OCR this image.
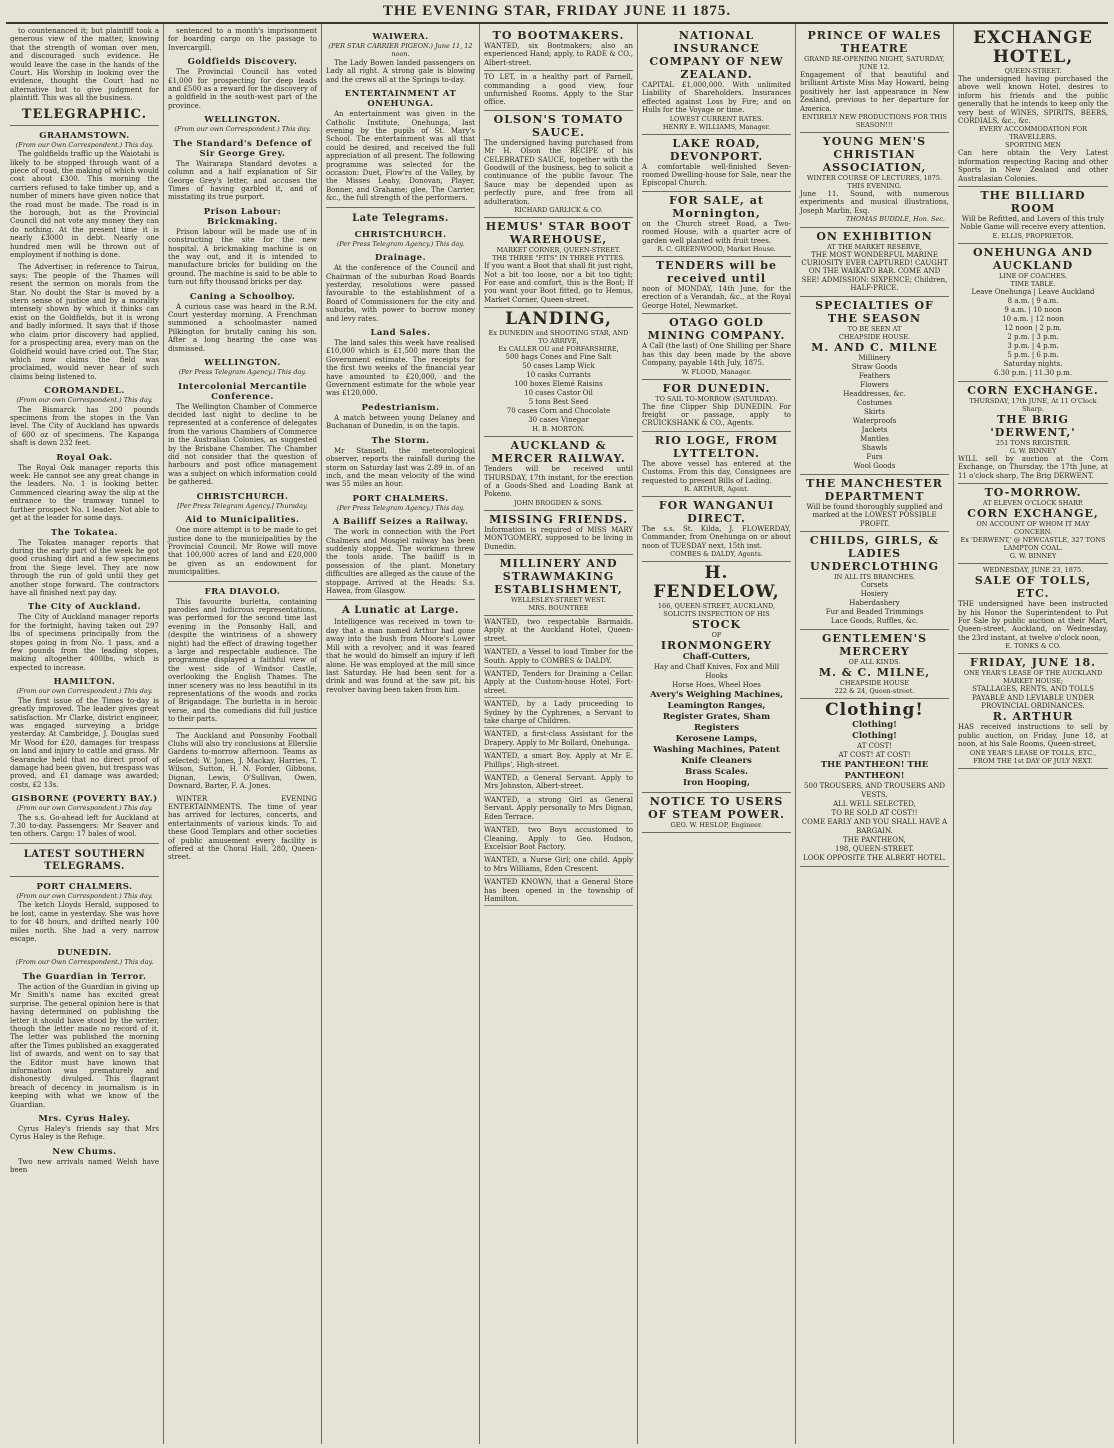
THE EVENING STAR, FRIDAY JUNE 11 1875.

to countenanced it; but plaintiff took a generous view of the matter, knowing that the strength of woman over men, and discouraged such evidence. He would leave the case in the hands of the Court. His Worship in looking over the evidence, thought the Court had no alternative but to give judgment for plaintiff. This was all the business.

TELEGRAPHIC.
GRAHAMSTOWN.
(From our Own Correspondent.) This day.

The goldfields traffic up the Waiotahi is likely to be stopped through want of a piece of road, the making of which would cost about £300. This morning the carriers refused to take timber up, and a number of miners have given notice that the road must be made. The road is in the borough, but as the Provincial Council did not vote any money they can do nothing. At the present time it is nearly £3000 in debt. Nearly one hundred men will be thrown out of employment if nothing is done.

The Advertiser, in reference to Tairua, says: The people of the Thames will resent the sermon on morals from the Star. No doubt the Star is moved by a stern sense of justice and by a morality intensely shown by which it thinks can exist on the Goldfields, but it is wrong and badly informed. It says that if those who claim prior discovery had applied, for a prospecting area, every man on the Goldfield would have cried out. The Star, which now claims the field was proclaimed, would never hear of such claims being listened to.

COROMANDEL.
(From our own Correspondent.) This day.

The Bismarck has 200 pounds specimens from the stopes in the Van level. The City of Auckland has upwards of 600 oz of specimens. The Kapanga shaft is down 232 feet.

Royal Oak.

The Royal Oak manager reports this week: He cannot see any great change in the leaders. No. 1 is looking better. Commenced clearing away the slip at the entrance to the tramway tunnel to further prospect No. 1 leader. Not able to get at the leader for some days.

The Tokatea.

The Tokatea manager reports that during the early part of the week he got good crushing dirt and a few specimens from the Siege level. They are now through the run of gold until they get another stope forward. The contractors have all finished next pay day.

The City of Auckland.

The City of Auckland manager reports for the fortnight, having taken out 297 lbs of specimens principally from the stopes going in from No. 1 pass, and a few pounds from the leading stopes, making altogether 400lbs, which is expected to increase.

HAMILTON.
(From our own Correspondent.) This day.

The first issue of the Times to-day is greatly improved. The leader gives great satisfaction. Mr Clarke, district engineer, was engaged surveying a bridge yesterday. At Cambridge, J. Douglas sued Mr Wood for £20, damages for trespass on land and injury to cattle and grass. Mr Searancke held that no direct proof of damage had been given, but trespass was proved, and £1 damage was awarded; costs, £2 13s.

GISBORNE (POVERTY BAY.)
(From our own Correspondent.) This day.

The s.s. Go-ahead left for Auckland at 7.30 to-day. Passengers: Mr Seaver and ten others. Cargo: 17 bales of wool.

LATEST SOUTHERN TELEGRAMS.
PORT CHALMERS.
(From our own Correspondent.) This day.

The ketch Lloyds Herald, supposed to be lost, came in yesterday. She was hove to for 48 hours, and drifted nearly 100 miles north. She had a very narrow escape.

DUNEDIN.
(From our Own Correspondent.) This day.
The Guardian in Terror.

The action of the Guardian in giving up Mr Smith's name has excited great surprise. The general opinion here is that having determined on publishing the letter it should have stood by the writer, though the letter made no record of it. The letter was published the morning after the Times published an exaggerated list of awards, and went on to say that the Editor must have known that information was prematurely and dishonestly divulged. This flagrant breach of decency in journalism is in keeping with what we know of the Guardian.

Mrs. Cyrus Haley.

Cyrus Haley's friends say that Mrs Cyrus Haley is the Refuge.

New Chums.

Two new arrivals named Welsh have been

sentenced to a month's imprisonment for boarding cargo on the passage to Invercargill.

Goldfields Discovery.

The Provincial Council has voted £1,000 for prospecting for deep leads and £500 as a reward for the discovery of a goldfield in the south-west part of the province.

WELLINGTON.
(From our own Correspondent.) This day.
The Standard's Defence of Sir George Grey.

The Wairarapa Standard devotes a column and a half explanation of Sir George Grey's letter, and accuses the Times of having garbled it, and of misstating its true purport.

Prison Labour: Brickmaking.

Prison labour will be made use of in constructing the site for the new hospital. A brickmaking machine is on the way out, and it is intended to manufacture bricks for building on the ground. The machine is said to be able to turn out fifty thousand bricks per day.

Caning a Schoolboy.

A curious case was heard in the R.M. Court yesterday morning. A Frenchman summoned a schoolmaster named Pilkington for brutally caning his son. After a long hearing the case was dismissed.

WELLINGTON.
(Per Press Telegram Agency.) This day.
Intercolonial Mercantile Conference.

The Wellington Chamber of Commerce decided last night to decline to be represented at a conference of delegates from the various Chambers of Commerce in the Australian Colonies, as suggested by the Brisbane Chamber. The Chamber did not consider that the question of harbours and post office management was a subject on which information could be gathered.

CHRISTCHURCH.
[Per Press Telegram Agency.] Thursday.
Aid to Municipalities.

One more attempt is to be made to get justice done to the municipalities by the Provincial Council. Mr Rowe will move that 100,000 acres of land and £20,000 be given as an endowment for municipalities.

FRA DIAVOLO.

This favourite burletta, containing parodies and ludicrous representations, was performed for the second time last evening in the Ponsonby Hall, and (despite the wintriness of a showery night) had the effect of drawing together a large and respectable audience. The programme displayed a faithful view of the west side of Windsor Castle, overlooking the English Thames. The inner scenery was no less beautiful in its representations of the woods and rocks of Brigandage. The burletta is in heroic verse, and the comedians did full justice to their parts.

The Auckland and Ponsonby Football Clubs will also try conclusions at Ellerslie Gardens to-morrow afternoon. Teams as selected: W. Jones, J. Mackay, Harries, T. Wilson, Sutton, H. N. Forder, Gibbons, Dignan, Lewis, O'Sullivan, Owen, Downard, Barter, F. A. Jones.

WINTER EVENING ENTERTAINMENTS. The time of year has arrived for lectures, concerts, and entertainments of various kinds. To aid these Good Templars and other societies of public amusement every facility is offered at the Choral Hall, 280, Queen-street.

WAIWERA.
(PER STAR CARRIER PIGEON.) June 11, 12 noon.

The Lady Bowen landed passengers on Lady all right. A strong gale is blowing and the crews all at the Springs to-day.

ENTERTAINMENT AT ONEHUNGA.

An entertainment was given in the Catholic Institute, Onehunga, last evening by the pupils of St. Mary's School. The entertainment was all that could be desired, and received the full appreciation of all present. The following programme was selected for the occasion: Duet, Flow'rs of the Valley, by the Misses Leahy, Donovan, Player, Bonner, and Grahame; glee, The Carrier, &c., the full strength of the performers.

Late Telegrams.
CHRISTCHURCH.
(Per Press Telegram Agency.) This day.
Drainage.

At the conference of the Council and Chairman of the suburban Road Boards yesterday, resolutions were passed favourable to the establishment of a Board of Commissioners for the city and suburbs, with power to borrow money and levy rates.

Land Sales.

The land sales this week have realised £10,000 which is £1,500 more than the Government estimate. The receipts for the first two weeks of the financial year have amounted to £20,000, and the Government estimate for the whole year was £120,000.

Pedestrianism.

A match between young Delaney and Buchanan of Dunedin, is on the tapis.

The Storm.

Mr Stansell, the meteorological observer, reports the rainfall during the storm on Saturday last was 2.89 in. of an inch, and the mean velocity of the wind was 55 miles an hour.

PORT CHALMERS.
(Per Press Telegram Agency.) This day.
A Bailiff Seizes a Railway.

The work in connection with the Port Chalmers and Mosgiel railway has been suddenly stopped. The workmen threw the tools aside. The bailiff is in possession of the plant. Monetary difficulties are alleged as the cause of the stoppage. Arrived at the Heads: S.s. Hawea, from Glasgow.

A Lunatic at Large.

Intelligence was received in town to-day that a man named Arthur had gone away into the bush from Moore's Lower Mill with a revolver, and it was feared that he would do himself an injury if left alone. He was employed at the mill since last Saturday. He had been sent for a drink and was found at the saw pit, his revolver having been taken from him.

TO BOOTMAKERS.

WANTED, six Bootmakers; also an experienced Hand; apply, to RADE & CO., Albert-street.

TO LET, in a healthy part of Parnell, commanding a good view, four unfurnished Rooms. Apply to the Star office.

OLSON'S TOMATO SAUCE.

The undersigned having purchased from Mr H. Olson the RECIPE of his CELEBRATED SAUCE, together with the Goodwill of the business, beg to solicit a continuance of the public favour. The Sauce may be depended upon as perfectly pure, and free from all adulteration.

RICHARD GARLICK & CO.
HEMUS' STAR BOOT WAREHOUSE,
MARKET CORNER, QUEEN-STREET.
THE THREE "FITS" IN THREE FYTTES.

If you want a Boot that shall fit just right, Not a bit too loose, nor a bit too tight; For ease and comfort, this is the Boot; If you want your Boot fitted, go to Hemus, Market Corner, Queen-street.

LANDING,
Ex DUNEDIN and SHOOTING STAR, AND TO ARRIVE,
Ex CALLER OU and FORFARSHIRE,

500 bags Cones and Fine Salt

50 cases Lamp Wick

10 casks Currants

100 boxes Elemé Raisins

10 cases Castor Oil

5 tons Best Seed

70 cases Corn and Chocolate

30 cases Vinegar

H. B. MORTON.
AUCKLAND & MERCER RAILWAY.

Tenders will be received until THURSDAY, 17th instant, for the erection of a Goods-Shed and Loading Bank at Pokeno.

JOHN BROGDEN & SONS.
MISSING FRIENDS.

Information is required of MISS MARY MONTGOMERY, supposed to be living in Dunedin.

MILLINERY AND STRAWMAKING ESTABLISHMENT,
WELLESLEY-STREET WEST.
MRS. BOUNTREE

WANTED, two respectable Barmaids. Apply at the Auckland Hotel, Queen-street.

WANTED, a Vessel to load Timber for the South. Apply to COMBES & DALDY.

WANTED, Tenders for Draining a Cellar. Apply at the Custom-house Hotel, Fort-street.

WANTED, by a Lady proceeding to Sydney by the Cyphrenes, a Servant to take charge of Children.

WANTED, a first-class Assistant for the Drapery. Apply to Mr Bollard, Onehunga.

WANTED, a smart Boy. Apply at Mr E. Phillips', High-street.

WANTED, a General Servant. Apply to Mrs Johnston, Albert-street.

WANTED, a strong Girl as General Servant. Apply personally to Mrs Dignan, Eden Terrace.

WANTED, two Boys accustomed to Cleaning. Apply to Geo. Hudson, Excelsior Boot Factory.

WANTED, a Nurse Girl; one child. Apply to Mrs Williams, Eden Crescent.

WANTED KNOWN, that a General Store has been opened in the township of Hamilton.

NATIONAL INSURANCE COMPANY OF NEW ZEALAND.

CAPITAL £1,000,000. With unlimited Liability of Shareholders. Insurances effected against Loss by Fire; and on Hulls for the Voyage or time.

LOWEST CURRENT RATES.
HENRY E. WILLIAMS, Manager.
LAKE ROAD, DEVONPORT.

A comfortable well-finished Seven-roomed Dwelling-house for Sale, near the Episcopal Church.

FOR SALE, at Mornington,

on the Church street Road, a Two-roomed House, with a quarter acre of garden well planted with fruit trees.

R. C. GREENWOOD, Market House.
TENDERS will be received until

noon of MONDAY, 14th June, for the erection of a Verandah, &c., at the Royal George Hotel, Newmarket.

OTAGO GOLD MINING COMPANY.

A Call (the last) of One Shilling per Share has this day been made by the above Company, payable 14th July, 1875.

W. FLOOD, Manager.
FOR DUNEDIN.
TO SAIL TO-MORROW (SATURDAY).

The fine Clipper Ship DUNEDIN. For freight or passage, apply to CRUICKSHANK & CO., Agents.

RIO LOGE, FROM LYTTELTON.

The above vessel has entered at the Customs. From this day, Consignees are requested to present Bills of Lading.

R. ARTHUR, Agent.
FOR WANGANUI DIRECT.

The s.s. St. Kilda, J. FLOWERDAY, Commander, from Onehunga on or about noon of TUESDAY next, 15th inst.

COMBES & DALDY, Agents.
H. FENDELOW,
166, QUEEN-STREET, AUCKLAND,
SOLICITS INSPECTION OF HIS
STOCK
OF
IRONMONGERY

Chaff-Cutters,

Hay and Chaff Knives, Fox and Mill Hooks

Horse Hoes, Wheel Hoes

Avery's Weighing Machines,

Leamington Ranges,

Register Grates, Sham Registers

Kerosene Lamps,

Washing Machines, Patent Knife Cleaners

Brass Scales.

Iron Hooping,

NOTICE TO USERS OF STEAM POWER.
GEO. W. HESLOP, Engineer.
PRINCE OF WALES THEATRE
GRAND RE-OPENING NIGHT, SATURDAY, JUNE 12.

Engagement of that beautiful and brilliant Artiste Miss May Howard, being positively her last appearance in New Zealand, previous to her departure for America.

ENTIRELY NEW PRODUCTIONS FOR THIS SEASON!!!
YOUNG MEN'S CHRISTIAN ASSOCIATION,
WINTER COURSE OF LECTURES, 1875.
THIS EVENING.

June 11. Sound, with numerous experiments and musical illustrations, Joseph Marlin, Esq.

THOMAS BUDDLE, Hon. Sec.
ON EXHIBITION
AT THE MARKET RESERVE,

THE MOST WONDERFUL MARINE CURIOSITY EVER CAPTURED! CAUGHT ON THE WAIKATO BAR. COME AND SEE! ADMISSION: SIXPENCE; Children, HALF-PRICE.

SPECIALTIES OF THE SEASON
TO BE SEEN AT
CHEAPSIDE HOUSE.
M. AND C. MILNE

Millinery

Straw Goods

Feathers

Flowers

Headdresses, &c.

Costumes

Skirts

Waterproofs

Jackets

Mantles

Shawls

Furs

Wool Goods

THE MANCHESTER DEPARTMENT

Will be found thoroughly supplied and marked at the LOWEST POSSIBLE PROFIT.

CHILDS, GIRLS, & LADIES UNDERCLOTHING
IN ALL ITS BRANCHES.

Corsets

Hosiery

Haberdashery

Fur and Beaded Trimmings

Lace Goods, Ruffles, &c.

GENTLEMEN'S MERCERY
OF ALL KINDS.
M. & C. MILNE,
CHEAPSIDE HOUSE
222 & 24, Queen-street.
Clothing!

Clothing!

Clothing!

AT COST!

AT COST! AT COST!

THE PANTHEON! THE PANTHEON!

500 TROUSERS, AND TROUSERS AND VESTS,

ALL WELL SELECTED,

TO BE SOLD AT COST!!

COME EARLY AND YOU SHALL HAVE A BARGAIN.

THE PANTHEON,

198, QUEEN-STREET.

LOOK OPPOSITE THE ALBERT HOTEL.

EXCHANGE HOTEL,
QUEEN-STREET.

The undersigned having purchased the above well known Hotel, desires to inform his friends and the public generally that he intends to keep only the very best of WINES, SPIRITS, BEERS, CORDIALS, &c., &c.

EVERY ACCOMMODATION FOR TRAVELLERS.
SPORTING MEN

Can here obtain the Very Latest information respecting Racing and other Sports in New Zealand and other Australasian Colonies.

THE BILLIARD ROOM

Will be Refitted, and Lovers of this truly Noble Game will receive every attention.

E. ELLIS, PROPRIETOR.
ONEHUNGA AND AUCKLAND
LINE OF COACHES.
TIME TABLE.

Leave Onehunga | Leave Auckland

8 a.m. | 9 a.m.

9 a.m. | 10 noon

10 a.m. | 12 noon

12 noon | 2 p.m.

2 p.m. | 3 p.m.

3 p.m. | 4 p.m.

5 p.m. | 6 p.m.

Saturday nights.

6.30 p.m. | 11.30 p.m.

CORN EXCHANGE.
THURSDAY, 17th JUNE, At 11 O'Clock Sharp.
THE BRIG 'DERWENT,'
251 TONS REGISTER.
G. W. BINNEY

WILL sell by auction at the Corn Exchange, on Thursday, the 17th June, at 11 o'clock sharp, The Brig DERWENT.

TO-MORROW.
AT ELEVEN O'CLOCK SHARP.
CORN EXCHANGE,
ON ACCOUNT OF WHOM IT MAY CONCERN.
Ex 'DERWENT,' @ NEWCASTLE, 327 TONS LAMPTON COAL.
G. W. BINNEY
WEDNESDAY, JUNE 23, 1875.
SALE OF TOLLS, ETC.

THE undersigned have been instructed by his Honor the Superintendent to Put For Sale by public auction at their Mart, Queen-street, Auckland, on Wednesday, the 23rd instant, at twelve o'clock noon,

E. TONKS & CO.
FRIDAY, JUNE 18.
ONE YEAR'S LEASE OF THE AUCKLAND MARKET HOUSE;

STALLAGES, RENTS, AND TOLLS PAYABLE AND LEVIABLE UNDER PROVINCIAL ORDINANCES.

R. ARTHUR

HAS received instructions to sell by public auction, on Friday, June 18, at noon, at his Sale Rooms, Queen-street,

ONE YEAR'S LEASE OF TOLLS, ETC.,
FROM THE 1st DAY OF JULY NEXT.
